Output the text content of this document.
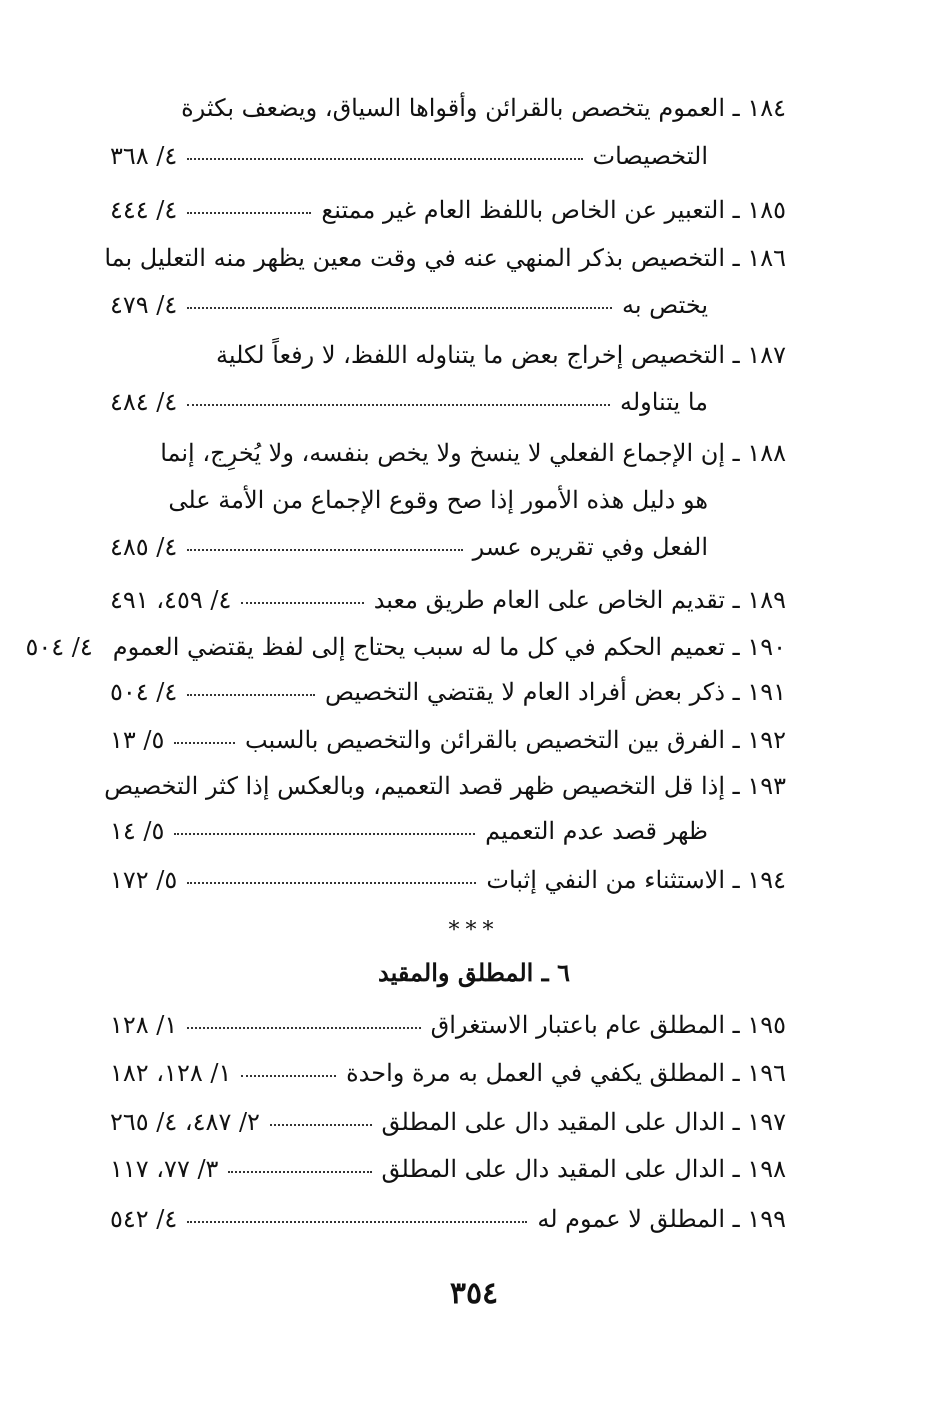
١٨٤ ـ العموم يتخصص بالقرائن وأقواها السياق، ويضعف بكثرة
التخصيصات
٤/ ٣٦٨
١٨٥ ـ التعبير عن الخاص باللفظ العام غير ممتنع
٤/ ٤٤٤
١٨٦ ـ التخصيص بذكر المنهي عنه في وقت معين يظهر منه التعليل بما
يختص به
٤/ ٤٧٩
١٨٧ ـ التخصيص إخراج بعض ما يتناوله اللفظ، لا رفعاً لكلية
ما يتناوله
٤/ ٤٨٤
١٨٨ ـ إن الإجماع الفعلي لا ينسخ ولا يخص بنفسه، ولا يُخرِج، إنما
هو دليل هذه الأمور إذا صح وقوع الإجماع من الأمة على
الفعل وفي تقريره عسر
٤/ ٤٨٥
١٨٩ ـ تقديم الخاص على العام طريق معبد
٤/ ٤٥٩، ٤٩١
١٩٠ ـ تعميم الحكم في كل ما له سبب يحتاج إلى لفظ يقتضي العموم
٤/ ٥٠٤
١٩١ ـ ذكر بعض أفراد العام لا يقتضي التخصيص
٤/ ٥٠٤
١٩٢ ـ الفرق بين التخصيص بالقرائن والتخصيص بالسبب
٥/ ١٣
١٩٣ ـ إذا قل التخصيص ظهر قصد التعميم، وبالعكس إذا كثر التخصيص
ظهر قصد عدم التعميم
٥/ ١٤
١٩٤ ـ الاستثناء من النفي إثبات
٥/ ١٧٢
***
٦ ـ المطلق والمقيد
١٩٥ ـ المطلق عام باعتبار الاستغراق
١/ ١٢٨
١٩٦ ـ المطلق يكفي في العمل به مرة واحدة
١/ ١٢٨، ١٨٢
١٩٧ ـ الدال على المقيد دال على المطلق
٢/ ٤٨٧، ٤/ ٢٦٥
١٩٨ ـ الدال على المقيد دال على المطلق
٣/ ٧٧، ١١٧
١٩٩ ـ المطلق لا عموم له
٤/ ٥٤٢
٣٥٤
